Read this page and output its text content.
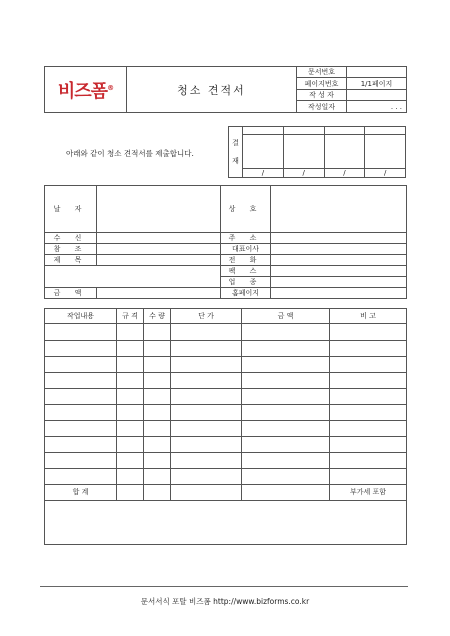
비즈폼®	청소 견적서	문서번호	
		페이지번호	1/1페이지
		작 성 자	
		작성일자	. . .
아래와 같이 청소 견적서를 제출합니다.
결
재				

	/	/	/	/
날 자		상 호	
수 신		주 소	
참 조		대표이사	
제 목		전 화	
		팩 스	
		업 종	
금 액		홈페이지	
작업내용	규 격	수 량	단 가	금 액	비 고

합 계					부가세 포함

문서서식 포탈 비즈폼 http://www.bizforms.co.kr
